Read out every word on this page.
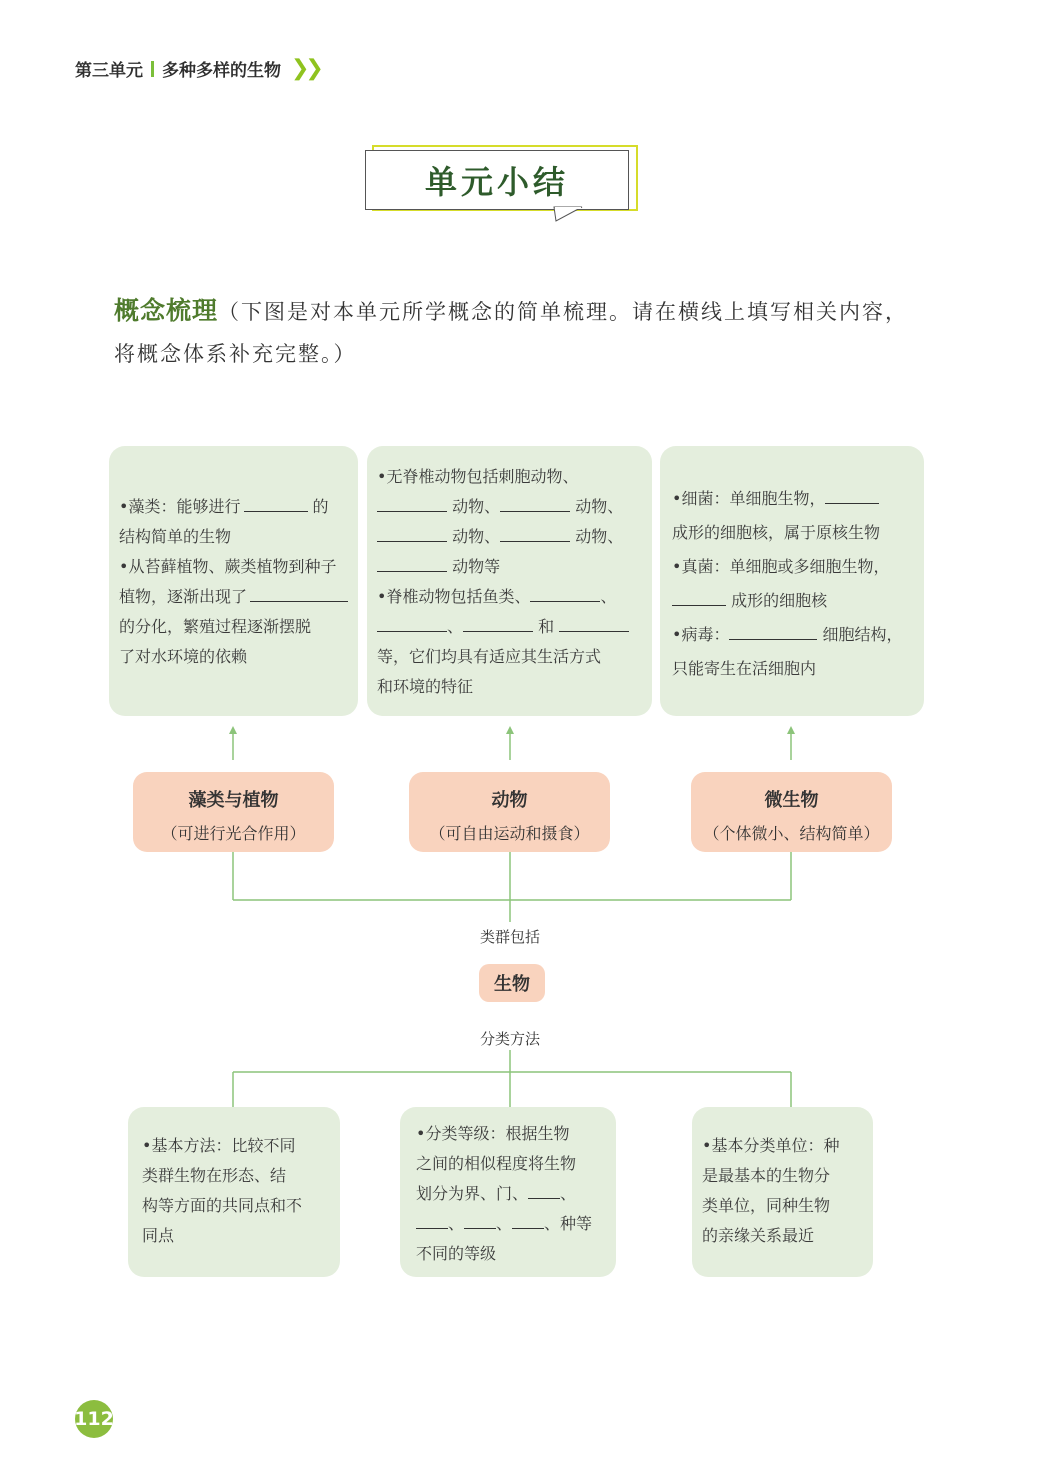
第三单元 多种多样的生物 ❯❯
单元小结
概念梳理（下图是对本单元所学概念的简单梳理。请在横线上填写相关内容，将概念体系补充完整。）
•藻类：能够进行	的
结构简单的生物
•从苔藓植物、蕨类植物到种子
植物，逐渐出现了
的分化，繁殖过程逐渐摆脱
了对水环境的依赖
•无脊椎动物包括刺胞动物、
动物、	动物、
动物、	动物、
动物等
•脊椎动物包括鱼类、	、
、	和
等，它们均具有适应其生活方式
和环境的特征
•细菌：单细胞生物，
成形的细胞核，属于原核生物
•真菌：单细胞或多细胞生物，
成形的细胞核
•病毒：	细胞结构，
只能寄生在活细胞内
藻类与植物
（可进行光合作用）
动物
（可自由运动和摄食）
微生物
（个体微小、结构简单）
类群包括
生物
分类方法
•基本方法：比较不同
类群生物在形态、结
构等方面的共同点和不
同点
•分类等级：根据生物
之间的相似程度将生物
划分为界、门、 、
、 、 、种等
不同的等级
•基本分类单位：种
是最基本的生物分
类单位，同种生物
的亲缘关系最近
112
